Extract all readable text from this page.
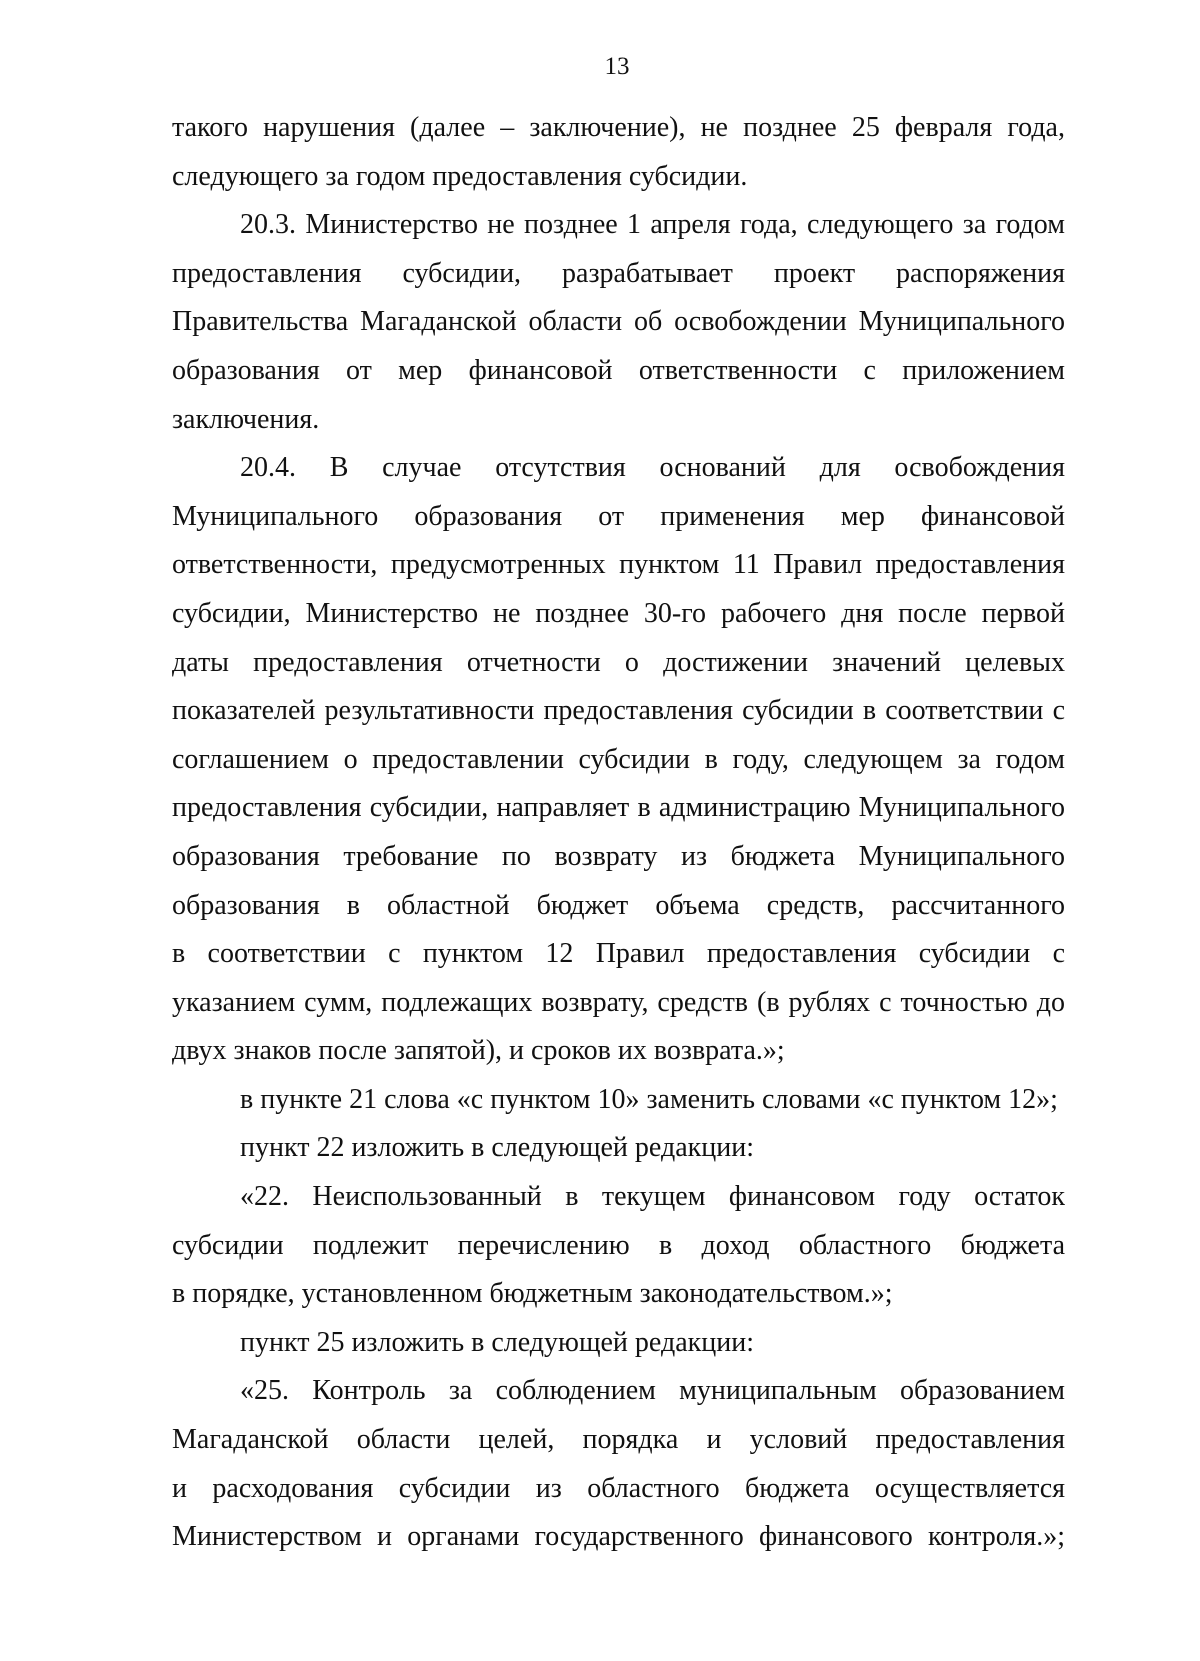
13
такого нарушения (далее – заключение), не позднее 25 февраля года,
следующего за годом предоставления субсидии.
20.3. Министерство не позднее 1 апреля года, следующего за годом
предоставления субсидии, разрабатывает проект распоряжения
Правительства Магаданской области об освобождении Муниципального
образования от мер финансовой ответственности с приложением
заключения.
20.4. В случае отсутствия оснований для освобождения
Муниципального образования от применения мер финансовой
ответственности, предусмотренных пунктом 11 Правил предоставления
субсидии, Министерство не позднее 30-го рабочего дня после первой
даты предоставления отчетности о достижении значений целевых
показателей результативности предоставления субсидии в соответствии с
соглашением о предоставлении субсидии в году, следующем за годом
предоставления субсидии, направляет в администрацию Муниципального
образования требование по возврату из бюджета Муниципального
образования в областной бюджет объема средств, рассчитанного
в соответствии с пунктом 12 Правил предоставления субсидии с
указанием сумм, подлежащих возврату, средств (в рублях с точностью до
двух знаков после запятой), и сроков их возврата.»;
в пункте 21 слова «с пунктом 10» заменить словами «с пунктом 12»;
пункт 22 изложить в следующей редакции:
«22. Неиспользованный в текущем финансовом году остаток
субсидии подлежит перечислению в доход областного бюджета
в порядке, установленном бюджетным законодательством.»;
пункт 25 изложить в следующей редакции:
«25. Контроль за соблюдением муниципальным образованием
Магаданской области целей, порядка и условий предоставления
и расходования субсидии из областного бюджета осуществляется
Министерством и органами государственного финансового контроля.»;
